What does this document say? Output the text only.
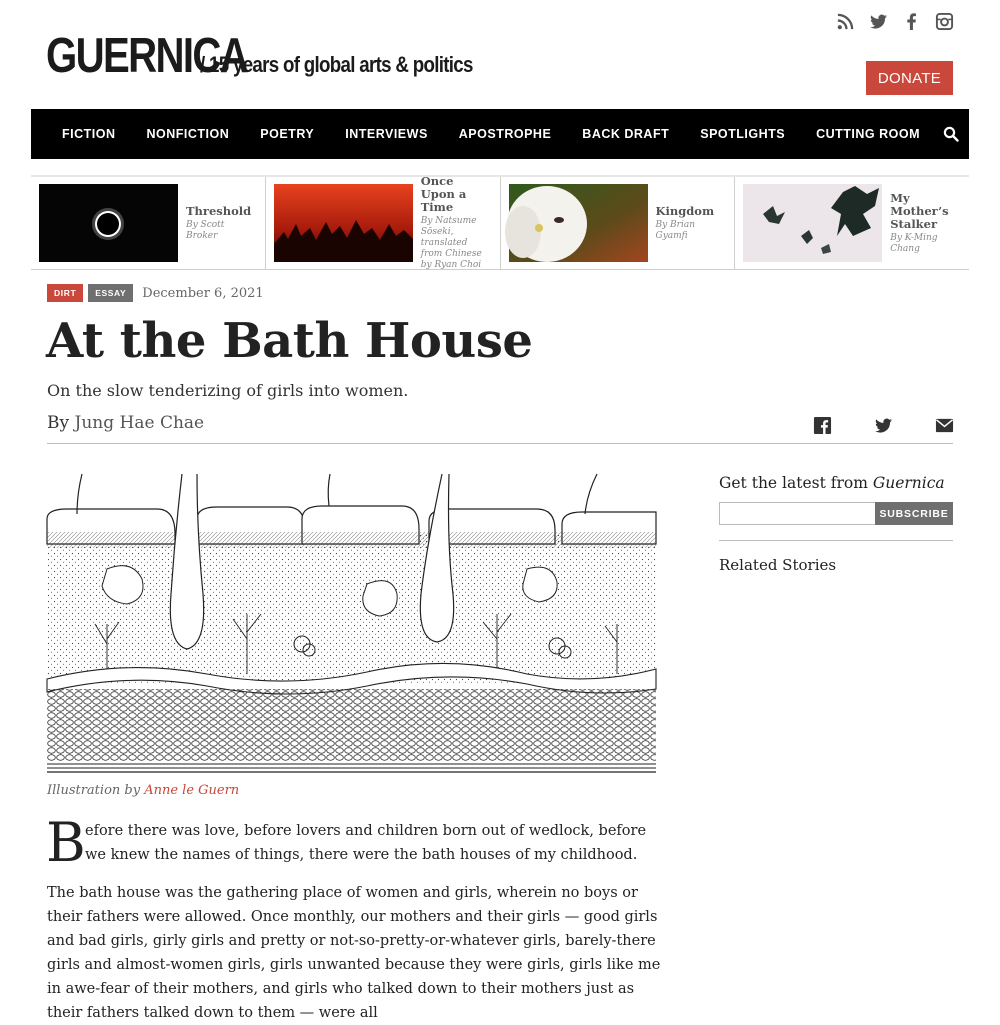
GUERNICA
/ 15 years of global arts & politics
DONATE
FICTION NONFICTION POETRY INTERVIEWS APOSTROPHE BACK DRAFT SPOTLIGHTS CUTTING ROOM
Threshold
By Scott Broker
Once Upon a Time
By Natsume Sōseki, translated from Chinese by Ryan Choi
Kingdom
By Brian Gyamfi
My Mother’s Stalker
By K-Ming Chang
DIRT	ESSAY	December 6, 2021
At the Bath House
On the slow tenderizing of girls into women.
By Jung Hae Chae
Illustration by Anne le Guern
B efore there was love, before lovers and children born out of wedlock, before we knew the names of things, there were the bath houses of my childhood.

The bath house was the gathering place of women and girls, wherein no boys or their fathers were allowed. Once monthly, our mothers and their girls — good girls and bad girls, girly girls and pretty or not-so-pretty-or-whatever girls, barely-there girls and almost-women girls, girls unwanted because they were girls, girls like me in awe-fear of their mothers, and girls who talked down to their mothers just as their fathers talked down to them — were all

Get the latest from Guernica
SUBSCRIBE
Related Stories
